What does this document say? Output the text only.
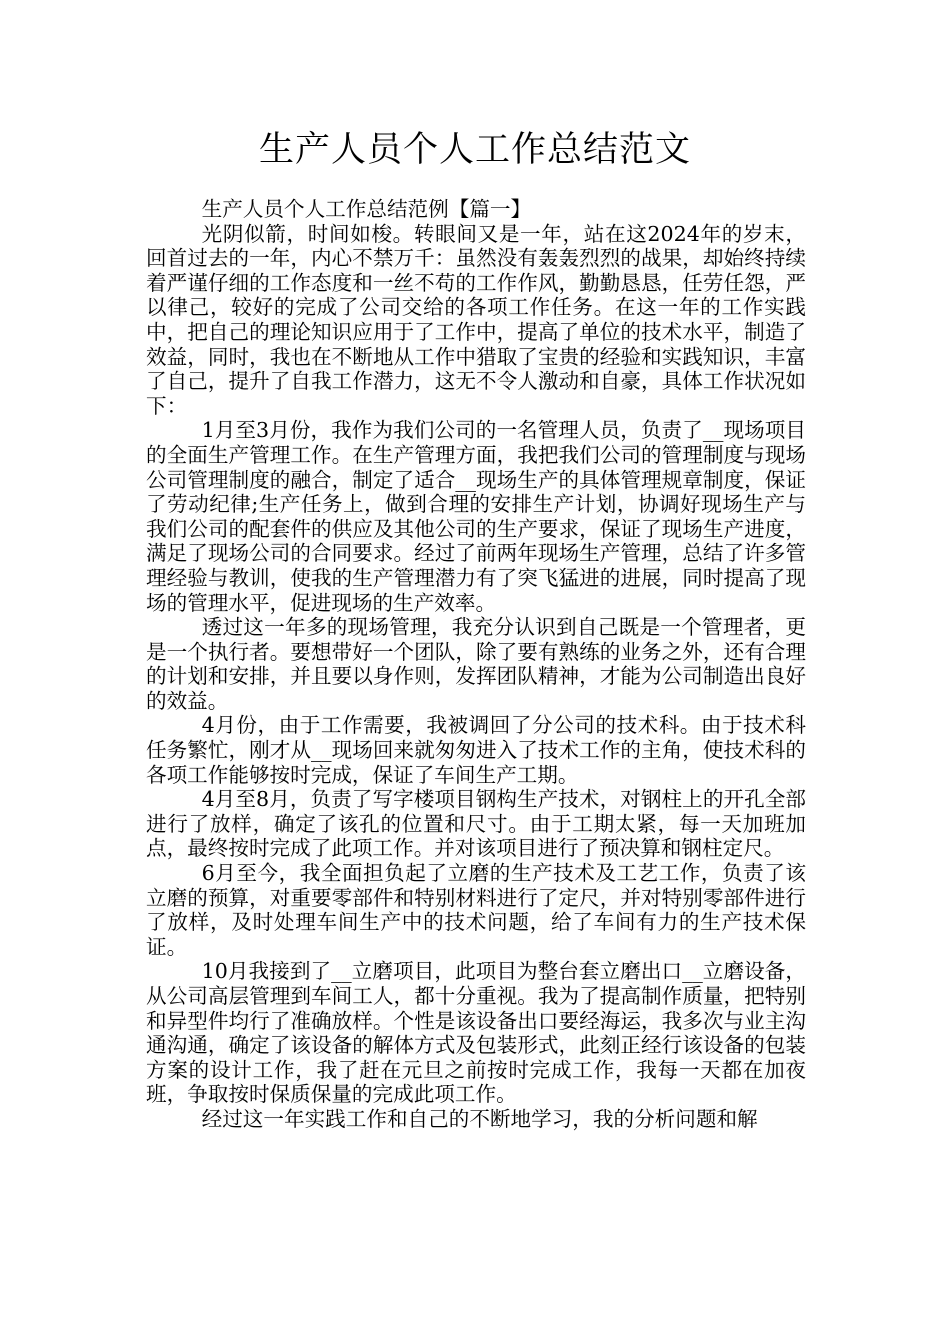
生产人员个人工作总结范文

生产人员个人工作总结范例【篇一】

光阴似箭，时间如梭。转眼间又是一年，站在这2024年的岁末，回首过去的一年，内心不禁万千：虽然没有轰轰烈烈的战果，却始终持续着严谨仔细的工作态度和一丝不苟的工作作风，勤勤恳恳，任劳任怨，严以律己，较好的完成了公司交给的各项工作任务。在这一年的工作实践中，把自己的理论知识应用于了工作中，提高了单位的技术水平，制造了效益，同时，我也在不断地从工作中猎取了宝贵的经验和实践知识，丰富了自己，提升了自我工作潜力，这无不令人激动和自豪，具体工作状况如下：

1月至3月份，我作为我们公司的一名管理人员，负责了__现场项目的全面生产管理工作。在生产管理方面，我把我们公司的管理制度与现场公司管理制度的融合，制定了适合__现场生产的具体管理规章制度，保证了劳动纪律;生产任务上，做到合理的安排生产计划，协调好现场生产与我们公司的配套件的供应及其他公司的生产要求，保证了现场生产进度，满足了现场公司的合同要求。经过了前两年现场生产管理，总结了许多管理经验与教训，使我的生产管理潜力有了突飞猛进的进展，同时提高了现场的管理水平，促进现场的生产效率。

透过这一年多的现场管理，我充分认识到自己既是一个管理者，更是一个执行者。要想带好一个团队，除了要有熟练的业务之外，还有合理的计划和安排，并且要以身作则，发挥团队精神，才能为公司制造出良好的效益。

4月份，由于工作需要，我被调回了分公司的技术科。由于技术科任务繁忙，刚才从__现场回来就匆匆进入了技术工作的主角，使技术科的各项工作能够按时完成，保证了车间生产工期。

4月至8月，负责了写字楼项目钢构生产技术，对钢柱上的开孔全部进行了放样，确定了该孔的位置和尺寸。由于工期太紧，每一天加班加点，最终按时完成了此项工作。并对该项目进行了预决算和钢柱定尺。

6月至今，我全面担负起了立磨的生产技术及工艺工作，负责了该立磨的预算，对重要零部件和特别材料进行了定尺，并对特别零部件进行了放样，及时处理车间生产中的技术问题，给了车间有力的生产技术保证。

10月我接到了__立磨项目，此项目为整台套立磨出口__立磨设备，从公司高层管理到车间工人，都十分重视。我为了提高制作质量，把特别和异型件均行了准确放样。个性是该设备出口要经海运，我多次与业主沟通沟通，确定了该设备的解体方式及包装形式，此刻正经行该设备的包装方案的设计工作，我了赶在元旦之前按时完成工作，我每一天都在加夜班，争取按时保质保量的完成此项工作。

经过这一年实践工作和自己的不断地学习，我的分析问题和解
